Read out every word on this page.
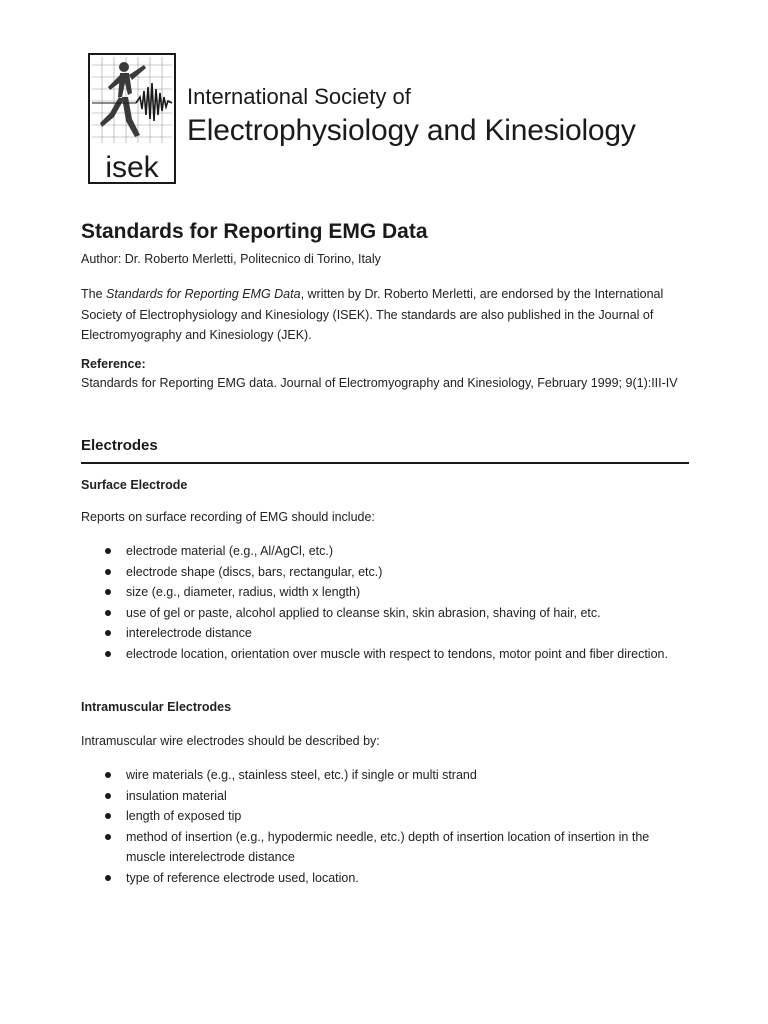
isek
International Society of
Electrophysiology and Kinesiology
Standards for Reporting EMG Data
Author: Dr. Roberto Merletti, Politecnico di Torino, Italy

The Standards for Reporting EMG Data, written by Dr. Roberto Merletti, are endorsed by the International Society of Electrophysiology and Kinesiology (ISEK). The standards are also published in the Journal of Electromyography and Kinesiology (JEK).

Reference:
Standards for Reporting EMG data. Journal of Electromyography and Kinesiology, February 1999; 9(1):III-IV
Electrodes
Surface Electrode
Reports on surface recording of EMG should include:
electrode material (e.g., Al/AgCl, etc.)
electrode shape (discs, bars, rectangular, etc.)
size (e.g., diameter, radius, width x length)
use of gel or paste, alcohol applied to cleanse skin, skin abrasion, shaving of hair, etc.
interelectrode distance
electrode location, orientation over muscle with respect to tendons, motor point and fiber direction.
Intramuscular Electrodes
Intramuscular wire electrodes should be described by:
wire materials (e.g., stainless steel, etc.) if single or multi strand
insulation material
length of exposed tip
method of insertion (e.g., hypodermic needle, etc.) depth of insertion location of insertion in the muscle interelectrode distance
type of reference electrode used, location.
